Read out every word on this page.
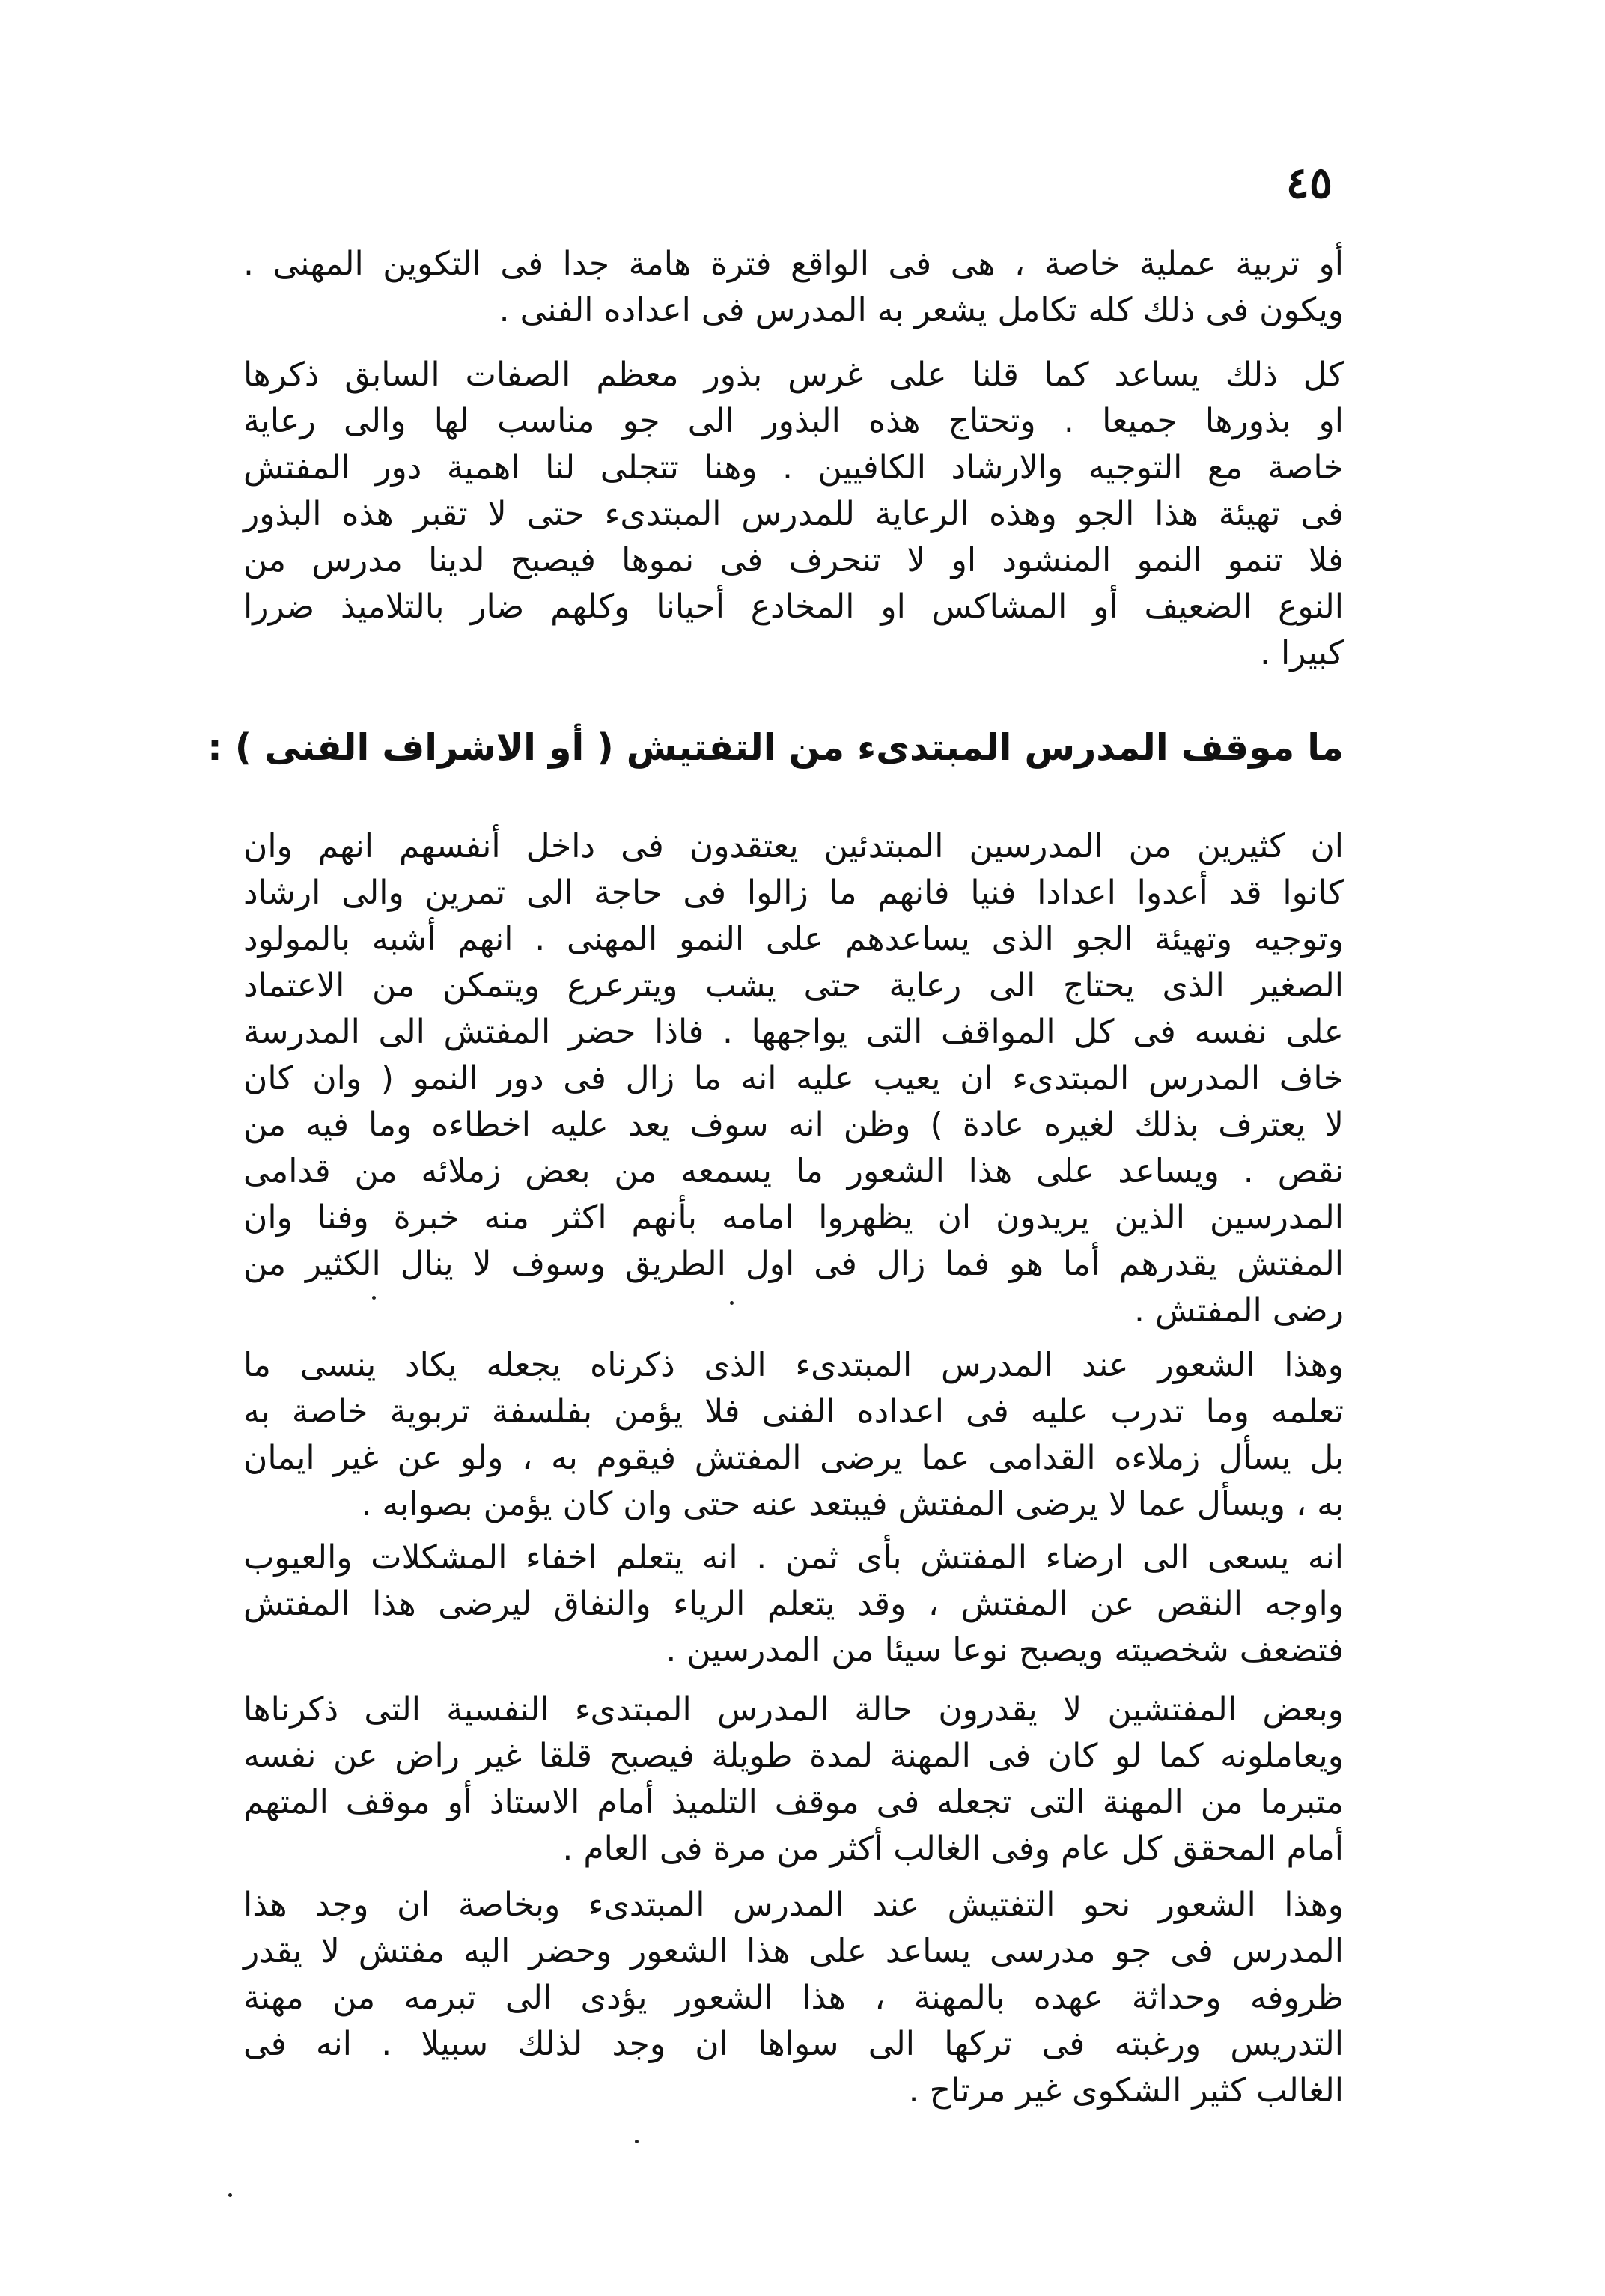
٤٥
أو تربية عملية خاصة ، هى فى الواقع فترة هامة جدا فى التكوين المهنى .
ويكون فى ذلك كله تكامل يشعر به المدرس فى اعداده الفنى .
كل ذلك يساعد كما قلنا على غرس بذور معظم الصفات السابق ذكرها
او بذورها جميعا . وتحتاج هذه البذور الى جو مناسب لها والى رعاية
خاصة مع التوجيه والارشاد الكافيين . وهنا تتجلى لنا اهمية دور المفتش
فى تهيئة هذا الجو وهذه الرعاية للمدرس المبتدىء حتى لا تقبر هذه البذور
فلا تنمو النمو المنشود او لا تنحرف فى نموها فيصبح لدينا مدرس من
النوع الضعيف أو المشاكس او المخادع أحيانا وكلهم ضار بالتلاميذ ضررا
كبيرا .
ما موقف المدرس المبتدىء من التفتيش ( أو الاشراف الفنى ) :
ان كثيرين من المدرسين المبتدئين يعتقدون فى داخل أنفسهم انهم وان
كانوا قد أعدوا اعدادا فنيا فانهم ما زالوا فى حاجة الى تمرين والى ارشاد
وتوجيه وتهيئة الجو الذى يساعدهم على النمو المهنى . انهم أشبه بالمولود
الصغير الذى يحتاج الى رعاية حتى يشب ويترعرع ويتمكن من الاعتماد
على نفسه فى كل المواقف التى يواجهها . فاذا حضر المفتش الى المدرسة
خاف المدرس المبتدىء ان يعيب عليه انه ما زال فى دور النمو ( وان كان
لا يعترف بذلك لغيره عادة ) وظن انه سوف يعد عليه اخطاءه وما فيه من
نقص . ويساعد على هذا الشعور ما يسمعه من بعض زملائه من قدامى
المدرسين الذين يريدون ان يظهروا امامه بأنهم اكثر منه خبرة وفنا وان
المفتش يقدرهم أما هو فما زال فى اول الطريق وسوف لا ينال الكثير من
رضى المفتش .
وهذا الشعور عند المدرس المبتدىء الذى ذكرناه يجعله يكاد ينسى ما
تعلمه وما تدرب عليه فى اعداده الفنى فلا يؤمن بفلسفة تربوية خاصة به
بل يسأل زملاءه القدامى عما يرضى المفتش فيقوم به ، ولو عن غير ايمان
به ، ويسأل عما لا يرضى المفتش فيبتعد عنه حتى وان كان يؤمن بصوابه .
انه يسعى الى ارضاء المفتش بأى ثمن . انه يتعلم اخفاء المشكلات والعيوب
واوجه النقص عن المفتش ، وقد يتعلم الرياء والنفاق ليرضى هذا المفتش
فتضعف شخصيته ويصبح نوعا سيئا من المدرسين .
وبعض المفتشين لا يقدرون حالة المدرس المبتدىء النفسية التى ذكرناها
ويعاملونه كما لو كان فى المهنة لمدة طويلة فيصبح قلقا غير راض عن نفسه
متبرما من المهنة التى تجعله فى موقف التلميذ أمام الاستاذ أو موقف المتهم
أمام المحقق كل عام وفى الغالب أكثر من مرة فى العام .
وهذا الشعور نحو التفتيش عند المدرس المبتدىء وبخاصة ان وجد هذا
المدرس فى جو مدرسى يساعد على هذا الشعور وحضر اليه مفتش لا يقدر
ظروفه وحداثة عهده بالمهنة ، هذا الشعور يؤدى الى تبرمه من مهنة
التدريس ورغبته فى تركها الى سواها ان وجد لذلك سبيلا . انه فى
الغالب كثير الشكوى غير مرتاح .
